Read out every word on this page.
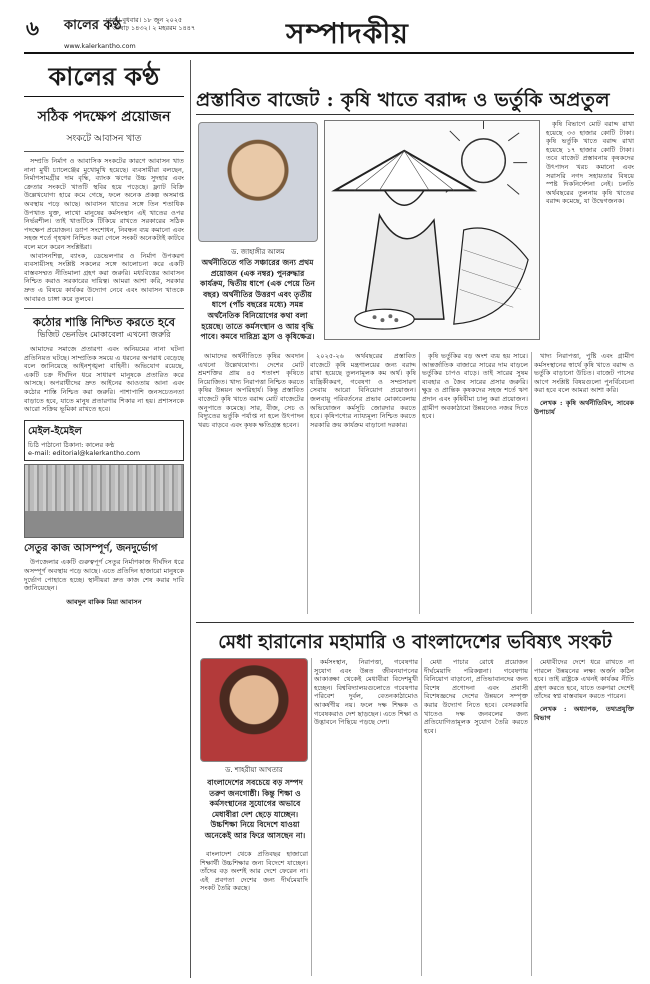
৬ কালের কণ্ঠ
ঢাকা। বুধবার। ১৮ জুন ২০২৫
৪ আষাঢ় ১৪৩২। ২ মহররম ১৪৪৭
www.kalerkantho.com	সম্পাদকীয়
কালের কণ্ঠ
সঠিক পদক্ষেপ প্রয়োজন
সংকটে আবাসন খাত

সম্প্রতি নির্মাণ ও আবাসিক সংকটের কারণে আবাসন খাত নানা মুখী চ্যালেঞ্জের মুখোমুখি হয়েছে। ব্যবসায়ীরা বলছেন, নির্মাণসামগ্রীর দাম বৃদ্ধি, ব্যাংক ঋণের উচ্চ সুদহার এবং ক্রেতার সংকটে খাতটি স্থবির হয়ে পড়েছে। ফ্ল্যাট বিক্রি উল্লেখযোগ্য হারে কমে গেছে, ফলে অনেক প্রকল্প অসমাপ্ত অবস্থায় পড়ে আছে। আবাসন খাতের সঙ্গে তিন শতাধিক উপখাত যুক্ত, লাখো মানুষের কর্মসংস্থান এই খাতের ওপর নির্ভরশীল। তাই খাতটিকে টিকিয়ে রাখতে সরকারের সঠিক পদক্ষেপ প্রয়োজন। ড্যাপ সংশোধন, নিবন্ধন ব্যয় কমানো এবং সহজ শর্তে গৃহঋণ নিশ্চিত করা গেলে সংকট অনেকটাই কাটবে বলে মনে করেন সংশ্লিষ্টরা।

আবাসনশিল্প, ব্যাংক, ডেভেলপার ও নির্মাণ উপকরণ ব্যবসায়ীসহ সংশ্লিষ্ট সকলের সঙ্গে আলোচনা করে একটি বাস্তবসম্মত নীতিমালা গ্রহণ করা জরুরি। মধ্যবিত্তের আবাসন নিশ্চিত করাও সরকারের দায়িত্ব। আমরা আশা করি, সরকার দ্রুত এ বিষয়ে কার্যকর উদ্যোগ নেবে এবং আবাসন খাতকে আবারও চাঙ্গা করে তুলবে।

কঠোর শাস্তি নিশ্চিত করতে হবে
ভিজিট ভেনডিং মোকাবেলা এখনো জরুরি

আমাদের সমাজে প্রতারণা এবং অনিয়মের নানা ঘটনা প্রতিনিয়ত ঘটছে। সাম্প্রতিক সময়ে এ ধরনের অপরাধ বেড়েছে বলে জানিয়েছে আইনশৃঙ্খলা বাহিনী। অভিযোগ রয়েছে, একটি চক্র দীর্ঘদিন ধরে সাধারণ মানুষকে প্রতারিত করে আসছে। অপরাধীদের দ্রুত আইনের আওতায় আনা এবং কঠোর শাস্তি নিশ্চিত করা জরুরি। পাশাপাশি জনসচেতনতা বাড়াতে হবে, যাতে মানুষ প্রতারণার শিকার না হয়। প্রশাসনকে আরো সক্রিয় ভূমিকা রাখতে হবে।

মেইল-ইমেইল
চিঠি পাঠানো ঠিকানা: কালের কণ্ঠ
e-mail: editorial@kalerkantho.com
সেতুর কাজ আসম্পূর্ণ, জনদুর্ভোগ

উপজেলার একটি গুরুত্বপূর্ণ সেতুর নির্মাণকাজ দীর্ঘদিন ধরে অসম্পূর্ণ অবস্থায় পড়ে আছে। এতে প্রতিদিন হাজারো মানুষকে দুর্ভোগ পোহাতে হচ্ছে। স্থানীয়রা দ্রুত কাজ শেষ করার দাবি জানিয়েছেন।

আবদুল বাকিক মিয়া আবাসন
প্রস্তাবিত বাজেট : কৃষি খাতে বরাদ্দ ও ভর্তুকি অপ্রতুল
ড. জাহাঙ্গীর আলম
অর্থনীতিতে গতি সঞ্চারের জন্য প্রথম প্রয়োজন (এক নম্বর) পুনরুদ্ধার কার্যক্রম, দ্বিতীয় ধাপে (এক পেয়ে তিন বছর) অর্থনীতির উত্তরণ এবং তৃতীয় ধাপে (পাঁচ বছরের মধ্যে) সমন্ন অর্থনৈতিক বিনিয়োগের কথা বলা হয়েছে। তাতে কর্মসংস্থান ও আয় বৃদ্ধি পাবে। কমবে দারিদ্র্য হ্রাস ও কৃষিক্ষেত্র।

কৃষি বিভাগে মোট বরাদ্দ রাখা হয়েছে ৩৩ হাজার কোটি টাকা। কৃষি ভর্তুকি খাতে বরাদ্দ রাখা হয়েছে ১৭ হাজার কোটি টাকা। তবে বাজেট প্রস্তাবনায় কৃষকদের উৎপাদন খরচ কমানো এবং সরাসরি নগদ সহায়তার বিষয়ে স্পষ্ট দিকনির্দেশনা নেই। চলতি অর্থবছরের তুলনায় কৃষি খাতের বরাদ্দ কমেছে, যা উদ্বেগজনক।

আমাদের অর্থনীতিতে কৃষির অবদান এখনো উল্লেখযোগ্য। দেশের মোট শ্রমশক্তির প্রায় ৪৫ শতাংশ কৃষিতে নিয়োজিত। খাদ্য নিরাপত্তা নিশ্চিত করতে কৃষির উন্নয়ন অপরিহার্য। কিন্তু প্রস্তাবিত বাজেটে কৃষি খাতে বরাদ্দ মোট বাজেটের অনুপাতে কমেছে। সার, বীজ, সেচ ও বিদ্যুতের ভর্তুকি পর্যাপ্ত না হলে উৎপাদন খরচ বাড়বে এবং কৃষক ক্ষতিগ্রস্ত হবেন।

২০২৫-২৬ অর্থবছরের প্রস্তাবিত বাজেটে কৃষি মন্ত্রণালয়ের জন্য বরাদ্দ রাখা হয়েছে তুলনামূলক কম অর্থ। কৃষি যান্ত্রিকীকরণ, গবেষণা ও সম্প্রসারণ সেবায় আরো বিনিয়োগ প্রয়োজন। জলবায়ু পরিবর্তনের প্রভাব মোকাবেলায় অভিযোজন কর্মসূচি জোরদার করতে হবে। কৃষিপণ্যের ন্যায্যমূল্য নিশ্চিত করতে সরকারি ক্রয় কার্যক্রম বাড়ানো দরকার।

কৃষি ভর্তুকির বড় অংশ ব্যয় হয় সারে। আন্তর্জাতিক বাজারে সারের দাম বাড়লে ভর্তুকির চাপও বাড়ে। তাই সারের সুষম ব্যবহার ও জৈব সারের প্রসার জরুরি। ক্ষুদ্র ও প্রান্তিক কৃষকদের সহজ শর্তে ঋণ প্রদান এবং কৃষিবীমা চালু করা প্রয়োজন। গ্রামীণ অবকাঠামো উন্নয়নেও নজর দিতে হবে।

খাদ্য নিরাপত্তা, পুষ্টি এবং গ্রামীণ কর্মসংস্থানের স্বার্থে কৃষি খাতে বরাদ্দ ও ভর্তুকি বাড়ানো উচিত। বাজেট পাসের আগে সংশ্লিষ্ট বিষয়গুলো পুনর্বিবেচনা করা হবে বলে আমরা আশা করি।

লেখক : কৃষি অর্থনীতিবিদ, সাবেক উপাচার্য

মেধা হারানোর মহামারি ও বাংলাদেশের ভবিষ্যৎ সংকট
ড. শাহরীয়া আখতার
বাংলাদেশের সবচেয়ে বড় সম্পদ তরুণ জনগোষ্ঠী। কিন্তু শিক্ষা ও কর্মসংস্থানের সুযোগের অভাবে মেধাবীরা দেশ ছেড়ে যাচ্ছেন। উচ্চশিক্ষা নিয়ে বিদেশে যাওয়া অনেকেই আর ফিরে আসছেন না।

বাংলাদেশ থেকে প্রতিবছর হাজারো শিক্ষার্থী উচ্চশিক্ষার জন্য বিদেশে যাচ্ছেন। তাঁদের বড় অংশই আর দেশে ফেরেন না। এই প্রবণতা দেশের জন্য দীর্ঘমেয়াদি সংকট তৈরি করছে।

কর্মসংস্থান, নিরাপত্তা, গবেষণার সুযোগ এবং উন্নত জীবনযাপনের আকাঙ্ক্ষা থেকেই মেধাবীরা বিদেশমুখী হচ্ছেন। বিশ্ববিদ্যালয়গুলোতে গবেষণার পরিবেশ দুর্বল, বেতনকাঠামোও আকর্ষণীয় নয়। ফলে দক্ষ শিক্ষক ও গবেষকরাও দেশ ছাড়ছেন। এতে শিক্ষা ও উদ্ভাবনে পিছিয়ে পড়ছে দেশ।

মেধা পাচার রোধে প্রয়োজন দীর্ঘমেয়াদি পরিকল্পনা। গবেষণায় বিনিয়োগ বাড়ানো, প্রতিভাবানদের জন্য বিশেষ প্রণোদনা এবং প্রবাসী বিশেষজ্ঞদের দেশের উন্নয়নে সম্পৃক্ত করার উদ্যোগ নিতে হবে। বেসরকারি খাতেও দক্ষ জনবলের জন্য প্রতিযোগিতামূলক সুযোগ তৈরি করতে হবে।

মেধাবীদের দেশে ধরে রাখতে না পারলে উন্নয়নের লক্ষ্য অর্জন কঠিন হবে। তাই রাষ্ট্রকে এখনই কার্যকর নীতি গ্রহণ করতে হবে, যাতে তরুণরা দেশেই তাঁদের স্বপ্ন বাস্তবায়ন করতে পারেন।

লেখক : অধ্যাপক, তথ্যপ্রযুক্তি বিভাগ
